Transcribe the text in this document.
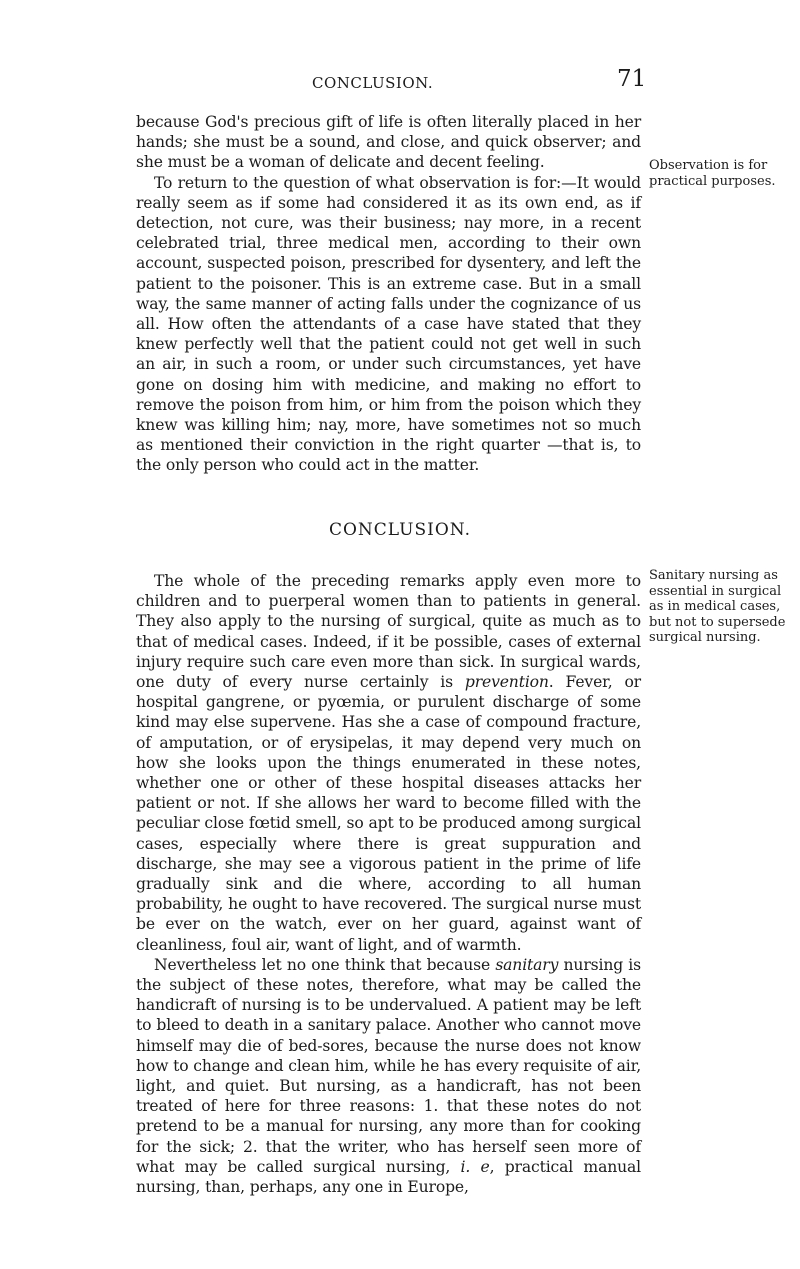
CONCLUSION.	71

because God's precious gift of life is often literally placed in her hands; she must be a sound, and close, and quick observer; and she must be a woman of delicate and decent feeling.

To return to the question of what observation is for:—It would really seem as if some had considered it as its own end, as if detection, not cure, was their business; nay more, in a recent celebrated trial, three medical men, according to their own account, suspected poison, prescribed for dysentery, and left the patient to the poisoner. This is an extreme case. But in a small way, the same manner of acting falls under the cognizance of us all. How often the attendants of a case have stated that they knew perfectly well that the patient could not get well in such an air, in such a room, or under such circumstances, yet have gone on dosing him with medicine, and making no effort to remove the poison from him, or him from the poison which they knew was killing him; nay, more, have sometimes not so much as mentioned their conviction in the right quarter —that is, to the only person who could act in the matter.

Observation is for practical purposes.
CONCLUSION.

The whole of the preceding remarks apply even more to children and to puerperal women than to patients in general. They also apply to the nursing of surgical, quite as much as to that of medical cases. Indeed, if it be possible, cases of external injury require such care even more than sick. In surgical wards, one duty of every nurse certainly is prevention. Fever, or hospital gangrene, or pyœmia, or purulent discharge of some kind may else supervene. Has she a case of compound fracture, of amputation, or of erysipelas, it may depend very much on how she looks upon the things enumerated in these notes, whether one or other of these hospital diseases attacks her patient or not. If she allows her ward to become filled with the peculiar close fœtid smell, so apt to be produced among surgical cases, especially where there is great suppuration and discharge, she may see a vigorous patient in the prime of life gradually sink and die where, according to all human probability, he ought to have recovered. The surgical nurse must be ever on the watch, ever on her guard, against want of cleanliness, foul air, want of light, and of warmth.

Nevertheless let no one think that because sanitary nursing is the subject of these notes, therefore, what may be called the handicraft of nursing is to be undervalued. A patient may be left to bleed to death in a sanitary palace. Another who cannot move himself may die of bed-sores, because the nurse does not know how to change and clean him, while he has every requisite of air, light, and quiet. But nursing, as a handicraft, has not been treated of here for three reasons: 1. that these notes do not pretend to be a manual for nursing, any more than for cooking for the sick; 2. that the writer, who has herself seen more of what may be called surgical nursing, i. e, practical manual nursing, than, perhaps, any one in Europe,

Sanitary nursing as essential in surgical as in medical cases, but not to supersede surgical nursing.
